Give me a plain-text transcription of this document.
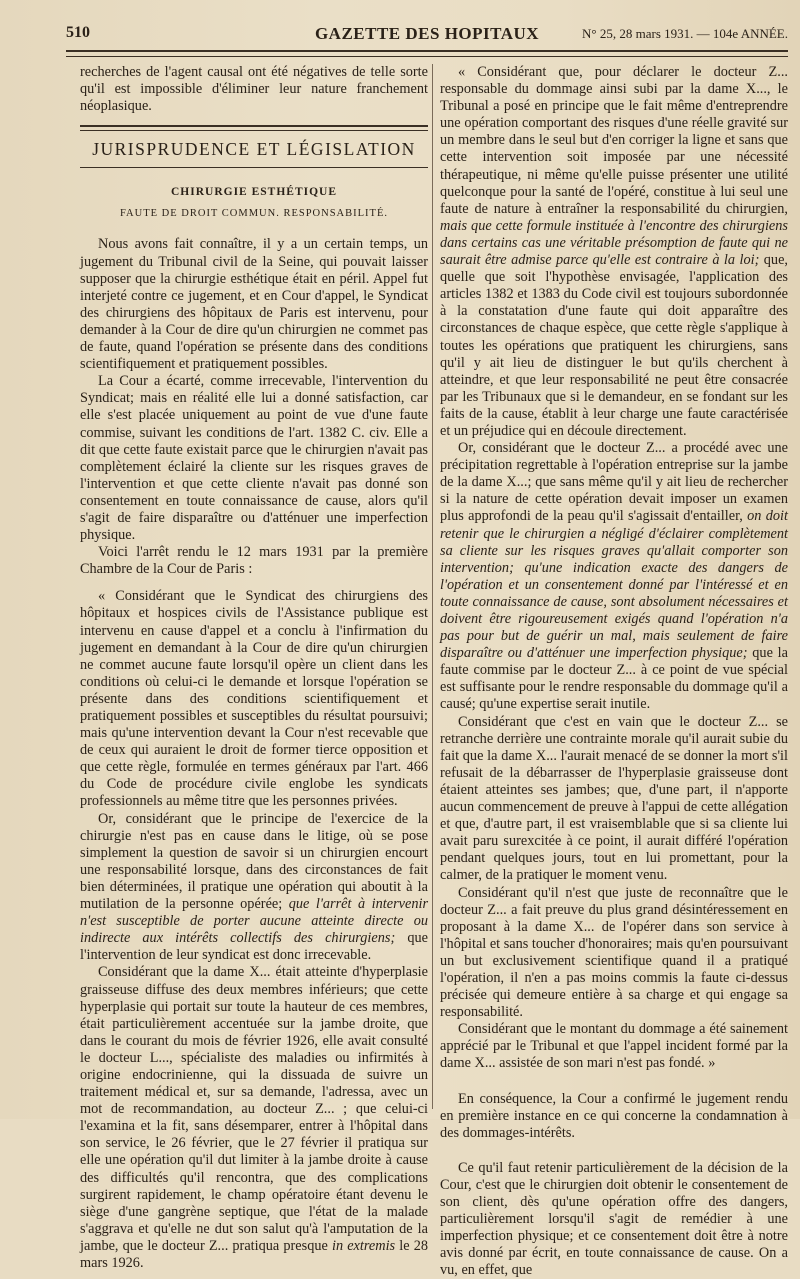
510	GAZETTE DES HOPITAUX	N° 25, 28 mars 1931. — 104e ANNÉE.

recherches de l'agent causal ont été négatives de telle sorte qu'il est impossible d'éliminer leur nature franchement néoplasique.

JURISPRUDENCE ET LÉGISLATION
CHIRURGIE ESTHÉTIQUE
FAUTE DE DROIT COMMUN. RESPONSABILITÉ.

Nous avons fait connaître, il y a un certain temps, un jugement du Tribunal civil de la Seine, qui pouvait laisser supposer que la chirurgie esthétique était en péril. Appel fut interjeté contre ce jugement, et en Cour d'appel, le Syndicat des chirurgiens des hôpitaux de Paris est intervenu, pour demander à la Cour de dire qu'un chirurgien ne commet pas de faute, quand l'opération se présente dans des conditions scientifiquement et pratiquement possibles.

La Cour a écarté, comme irrecevable, l'intervention du Syndicat; mais en réalité elle lui a donné satisfaction, car elle s'est placée uniquement au point de vue d'une faute commise, suivant les conditions de l'art. 1382 C. civ. Elle a dit que cette faute existait parce que le chirurgien n'avait pas complètement éclairé la cliente sur les risques graves de l'intervention et que cette cliente n'avait pas donné son consentement en toute connaissance de cause, alors qu'il s'agit de faire disparaître ou d'atténuer une imperfection physique.

Voici l'arrêt rendu le 12 mars 1931 par la première Chambre de la Cour de Paris :

« Considérant que le Syndicat des chirurgiens des hôpitaux et hospices civils de l'Assistance publique est intervenu en cause d'appel et a conclu à l'infirmation du jugement en demandant à la Cour de dire qu'un chirurgien ne commet aucune faute lorsqu'il opère un client dans les conditions où celui-ci le demande et lorsque l'opération se présente dans des conditions scientifiquement et pratiquement possibles et susceptibles du résultat poursuivi; mais qu'une intervention devant la Cour n'est recevable que de ceux qui auraient le droit de former tierce opposition et que cette règle, formulée en termes généraux par l'art. 466 du Code de procédure civile englobe les syndicats professionnels au même titre que les personnes privées.

Or, considérant que le principe de l'exercice de la chirurgie n'est pas en cause dans le litige, où se pose simplement la question de savoir si un chirurgien encourt une responsabilité lorsque, dans des circonstances de fait bien déterminées, il pratique une opération qui aboutit à la mutilation de la personne opérée; que l'arrêt à intervenir n'est susceptible de porter aucune atteinte directe ou indirecte aux intérêts collectifs des chirurgiens; que l'intervention de leur syndicat est donc irrecevable.

Considérant que la dame X... était atteinte d'hyperplasie graisseuse diffuse des deux membres inférieurs; que cette hyperplasie qui portait sur toute la hauteur de ces membres, était particulièrement accentuée sur la jambe droite, que dans le courant du mois de février 1926, elle avait consulté le docteur L..., spécialiste des maladies ou infirmités à origine endocrinienne, qui la dissuada de suivre un traitement médical et, sur sa demande, l'adressa, avec un mot de recommandation, au docteur Z... ; que celui-ci l'examina et la fit, sans désemparer, entrer à l'hôpital dans son service, le 26 février, que le 27 février il pratiqua sur elle une opération qu'il dut limiter à la jambe droite à cause des difficultés qu'il rencontra, que des complications surgirent rapidement, le champ opératoire étant devenu le siège d'une gangrène septique, que l'état de la malade s'aggrava et qu'elle ne dut son salut qu'à l'amputation de la jambe, que le docteur Z... pratiqua presque in extremis le 28 mars 1926.

« Considérant que, pour déclarer le docteur Z... responsable du dommage ainsi subi par la dame X..., le Tribunal a posé en principe que le fait même d'entreprendre une opération comportant des risques d'une réelle gravité sur un membre dans le seul but d'en corriger la ligne et sans que cette intervention soit imposée par une nécessité thérapeutique, ni même qu'elle puisse présenter une utilité quelconque pour la santé de l'opéré, constitue à lui seul une faute de nature à entraîner la responsabilité du chirurgien, mais que cette formule instituée à l'encontre des chirurgiens dans certains cas une véritable présomption de faute qui ne saurait être admise parce qu'elle est contraire à la loi; que, quelle que soit l'hypothèse envisagée, l'application des articles 1382 et 1383 du Code civil est toujours subordonnée à la constatation d'une faute qui doit apparaître des circonstances de chaque espèce, que cette règle s'applique à toutes les opérations que pratiquent les chirurgiens, sans qu'il y ait lieu de distinguer le but qu'ils cherchent à atteindre, et que leur responsabilité ne peut être consacrée par les Tribunaux que si le demandeur, en se fondant sur les faits de la cause, établit à leur charge une faute caractérisée et un préjudice qui en découle directement.

Or, considérant que le docteur Z... a procédé avec une précipitation regrettable à l'opération entreprise sur la jambe de la dame X...; que sans même qu'il y ait lieu de rechercher si la nature de cette opération devait imposer un examen plus approfondi de la peau qu'il s'agissait d'entailler, on doit retenir que le chirurgien a négligé d'éclairer complètement sa cliente sur les risques graves qu'allait comporter son intervention; qu'une indication exacte des dangers de l'opération et un consentement donné par l'intéressé et en toute connaissance de cause, sont absolument nécessaires et doivent être rigoureusement exigés quand l'opération n'a pas pour but de guérir un mal, mais seulement de faire disparaître ou d'atténuer une imperfection physique; que la faute commise par le docteur Z... à ce point de vue spécial est suffisante pour le rendre responsable du dommage qu'il a causé; qu'une expertise serait inutile.

Considérant que c'est en vain que le docteur Z... se retranche derrière une contrainte morale qu'il aurait subie du fait que la dame X... l'aurait menacé de se donner la mort s'il refusait de la débarrasser de l'hyperplasie graisseuse dont étaient atteintes ses jambes; que, d'une part, il n'apporte aucun commencement de preuve à l'appui de cette allégation et que, d'autre part, il est vraisemblable que si sa cliente lui avait paru surexcitée à ce point, il aurait différé l'opération pendant quelques jours, tout en lui promettant, pour la calmer, de la pratiquer le moment venu.

Considérant qu'il n'est que juste de reconnaître que le docteur Z... a fait preuve du plus grand désintéressement en proposant à la dame X... de l'opérer dans son service à l'hôpital et sans toucher d'honoraires; mais qu'en poursuivant un but exclusivement scientifique quand il a pratiqué l'opération, il n'en a pas moins commis la faute ci-dessus précisée qui demeure entière à sa charge et qui engage sa responsabilité.

Considérant que le montant du dommage a été sainement apprécié par le Tribunal et que l'appel incident formé par la dame X... assistée de son mari n'est pas fondé. »

En conséquence, la Cour a confirmé le jugement rendu en première instance en ce qui concerne la condamnation à des dommages-intérêts.

Ce qu'il faut retenir particulièrement de la décision de la Cour, c'est que le chirurgien doit obtenir le consentement de son client, dès qu'une opération offre des dangers, particulièrement lorsqu'il s'agit de remédier à une imperfection physique; et ce consentement doit être à notre avis donné par écrit, en toute connaissance de cause. On a vu, en effet, que
